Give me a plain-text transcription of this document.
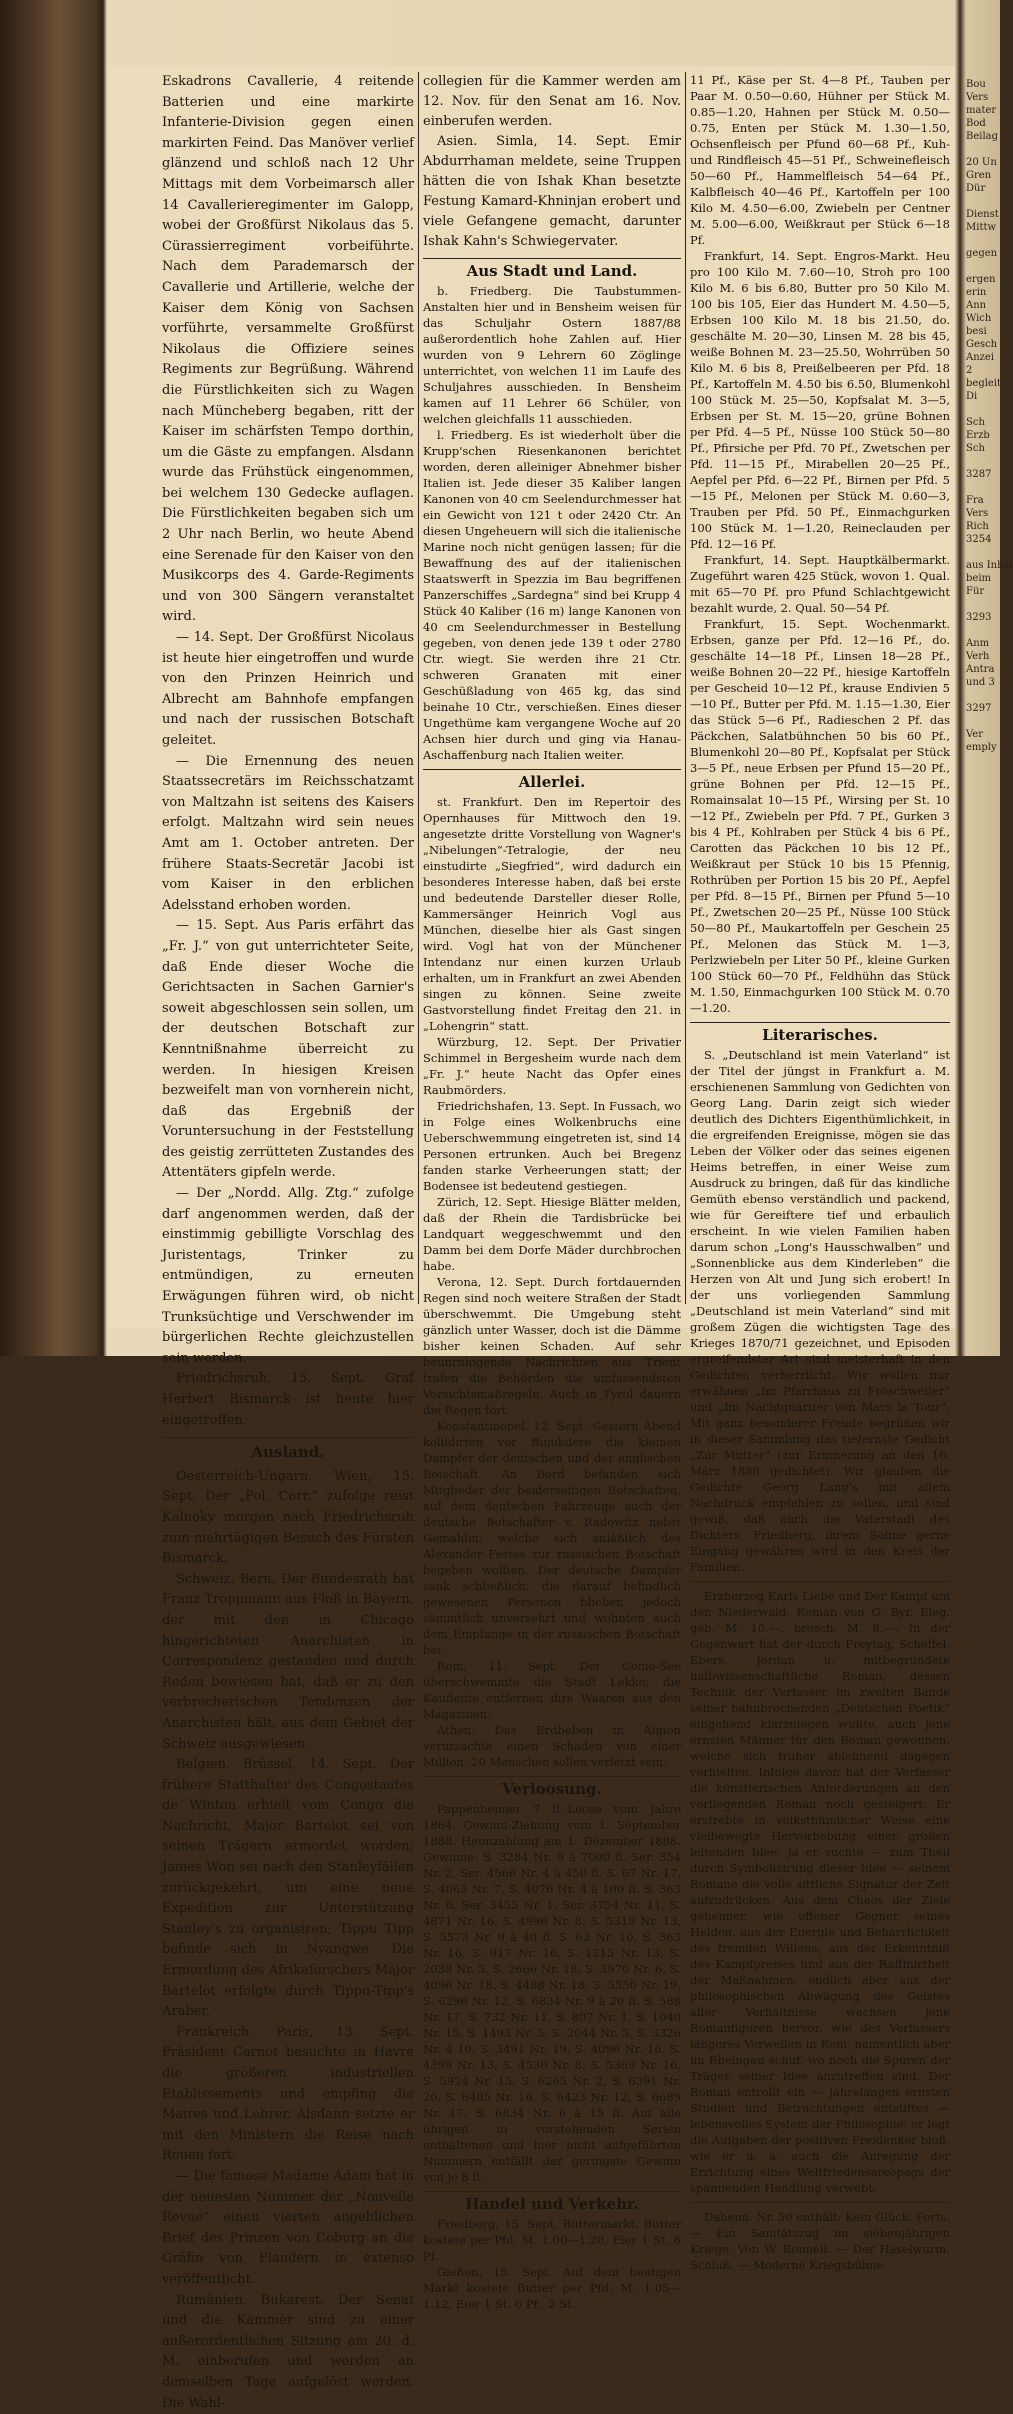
Eskadrons Cavallerie, 4 reitende Batterien und eine markirte Infanterie-Division gegen einen markirten Feind. Das Manöver verlief glänzend und schloß nach 12 Uhr Mittags mit dem Vorbeimarsch aller 14 Cavallerieregimenter im Galopp, wobei der Großfürst Nikolaus das 5. Cürassierregiment vorbeiführte. Nach dem Parademarsch der Cavallerie und Artillerie, welche der Kaiser dem König von Sachsen vorführte, versammelte Großfürst Nikolaus die Offiziere seines Regiments zur Begrüßung. Während die Fürstlichkeiten sich zu Wagen nach Müncheberg begaben, ritt der Kaiser im schärfsten Tempo dorthin, um die Gäste zu empfangen. Alsdann wurde das Frühstück eingenommen, bei welchem 130 Gedecke auflagen. Die Fürstlichkeiten begaben sich um 2 Uhr nach Berlin, wo heute Abend eine Serenade für den Kaiser von den Musikcorps des 4. Garde-Regiments und von 300 Sängern veranstaltet wird.

— 14. Sept. Der Großfürst Nicolaus ist heute hier eingetroffen und wurde von den Prinzen Heinrich und Albrecht am Bahnhofe empfangen und nach der russischen Botschaft geleitet.

— Die Ernennung des neuen Staatssecretärs im Reichsschatzamt von Maltzahn ist seitens des Kaisers erfolgt. Maltzahn wird sein neues Amt am 1. October antreten. Der frühere Staats-Secretär Jacobi ist vom Kaiser in den erblichen Adelsstand erhoben worden.

— 15. Sept. Aus Paris erfährt das „Fr. J.“ von gut unterrichteter Seite, daß Ende dieser Woche die Gerichtsacten in Sachen Garnier's soweit abgeschlossen sein sollen, um der deutschen Botschaft zur Kenntnißnahme überreicht zu werden. In hiesigen Kreisen bezweifelt man von vornherein nicht, daß das Ergebniß der Voruntersuchung in der Feststellung des geistig zerrütteten Zustandes des Attentäters gipfeln werde.

— Der „Nordd. Allg. Ztg.“ zufolge darf angenommen werden, daß der einstimmig gebilligte Vorschlag des Juristentags, Trinker zu entmündigen, zu erneuten Erwägungen führen wird, ob nicht Trunksüchtige und Verschwender im bürgerlichen Rechte gleichzustellen sein werden.

Friedrichsruh, 15. Sept. Graf Herbert Bismarck ist heute hier eingetroffen.

Ausland.

Oesterreich-Ungarn. Wien, 15. Sept. Der „Pol. Corr.“ zufolge reist Kalnoky morgen nach Friedrichsruh zum mehrtägigen Besuch des Fürsten Bismarck.

Schweiz. Bern. Der Bundesrath hat Franz Troppmann aus Floß in Bayern, der mit den in Chicago hingerichteten Anarchisten in Correspondenz gestanden und durch Reden bewiesen hat, daß er zu den verbrecherischen Tendenzen der Anarchisten hält, aus dem Gebiet der Schweiz ausgewiesen.

Belgien. Brüssel, 14. Sept. Der frühere Statthalter des Congostaates de Winton erhielt vom Congo die Nachricht, Major Bartelot sei von seinen Trägern ermordet worden; James Won sei nach den Stanleyfällen zurückgekehrt, um eine neue Expedition zur Unterstützung Stanley's zu organisiren; Tippu Tipp befinde sich in Nyangwe. Die Ermordung des Afrikaforschers Major Bartelot erfolgte durch Tippu-Tipp's Araber.

Frankreich. Paris, 13. Sept. Präsident Carnot besuchte in Havre die größeren industriellen Etablissements und empfing die Maires und Lehrer. Alsdann setzte er mit den Ministern die Reise nach Rouen fort.

— Die famose Madame Adam hat in der neuesten Nummer der „Nouvelle Revue“ einen vierten angeblichen Brief des Prinzen von Coburg an die Gräfin von Flandern in extenso veröffentlicht.

Rumänien. Bukarest. Der Senat und die Kammer sind zu einer außerordentlichen Sitzung am 20. d. M. einberufen und werden an demselben Tage aufgelöst werden. Die Wahl-

collegien für die Kammer werden am 12. Nov. für den Senat am 16. Nov. einberufen werden.

Asien. Simla, 14. Sept. Emir Abdurrhaman meldete, seine Truppen hätten die von Ishak Khan besetzte Festung Kamard-Khninjan erobert und viele Gefangene gemacht, darunter Ishak Kahn's Schwiegervater.

Aus Stadt und Land.

b. Friedberg. Die Taubstummen-Anstalten hier und in Bensheim weisen für das Schuljahr Ostern 1887/88 außerordentlich hohe Zahlen auf. Hier wurden von 9 Lehrern 60 Zöglinge unterrichtet, von welchen 11 im Laufe des Schuljahres ausschieden. In Bensheim kamen auf 11 Lehrer 66 Schüler, von welchen gleichfalls 11 ausschieden.

l. Friedberg. Es ist wiederholt über die Krupp'schen Riesenkanonen berichtet worden, deren alleiniger Abnehmer bisher Italien ist. Jede dieser 35 Kaliber langen Kanonen von 40 cm Seelendurchmesser hat ein Gewicht von 121 t oder 2420 Ctr. An diesen Ungeheuern will sich die italienische Marine noch nicht genügen lassen; für die Bewaffnung des auf der italienischen Staatswerft in Spezzia im Bau begriffenen Panzerschiffes „Sardegna“ sind bei Krupp 4 Stück 40 Kaliber (16 m) lange Kanonen von 40 cm Seelendurchmesser in Bestellung gegeben, von denen jede 139 t oder 2780 Ctr. wiegt. Sie werden ihre 21 Ctr. schweren Granaten mit einer Geschüßladung von 465 kg, das sind beinahe 10 Ctr., verschießen. Eines dieser Ungethüme kam vergangene Woche auf 20 Achsen hier durch und ging via Hanau-Aschaffenburg nach Italien weiter.

Allerlei.

st. Frankfurt. Den im Repertoir des Opernhauses für Mittwoch den 19. angesetzte dritte Vorstellung von Wagner's „Nibelungen“-Tetralogie, der neu einstudirte „Siegfried“, wird dadurch ein besonderes Interesse haben, daß bei erste und bedeutende Darsteller dieser Rolle, Kammersänger Heinrich Vogl aus München, dieselbe hier als Gast singen wird. Vogl hat von der Münchener Intendanz nur einen kurzen Urlaub erhalten, um in Frankfurt an zwei Abenden singen zu können. Seine zweite Gastvorstellung findet Freitag den 21. in „Lohengrin“ statt.

Würzburg, 12. Sept. Der Privatier Schimmel in Bergesheim wurde nach dem „Fr. J.“ heute Nacht das Opfer eines Raubmörders.

Friedrichshafen, 13. Sept. In Fussach, wo in Folge eines Wolkenbruchs eine Ueberschwemmung eingetreten ist, sind 14 Personen ertrunken. Auch bei Bregenz fanden starke Verheerungen statt; der Bodensee ist bedeutend gestiegen.

Zürich, 12. Sept. Hiesige Blätter melden, daß der Rhein die Tardisbrücke bei Landquart weggeschwemmt und den Damm bei dem Dorfe Mäder durchbrochen habe.

Verona, 12. Sept. Durch fortdauernden Regen sind noch weitere Straßen der Stadt überschwemmt. Die Umgebung steht gänzlich unter Wasser, doch ist die Dämme bisher keinen Schaden. Auf sehr beunruhigende Nachrichten aus Trient trafen die Behörden die umfassendsten Vorsichtsmaßregeln. Auch in Tyrol dauern die Regen fort.

Konstantinopel, 12. Sept. Gestern Abend kollidirten vor Bujukdere die kleinen Dampfer der deutschen und der englischen Botschaft. An Bord befanden sich Mitglieder der beiderseitigen Botschaften, auf dem deutschen Fahrzeuge auch der deutsche Botschafter v. Radowitz nebst Gemahlin, welche sich anläßlich des Alexander Festes zur russischen Botschaft begeben wollten. Der deutsche Dampfer sank schließlich, die darauf befindlich gewesenen Personen blieben jedoch sämmtlich unversehrt und wohnten auch dem Empfange in der russischen Botschaft bei.

Rom, 11. Sept. Der Como-See überschwemmte die Stadt Lekko; die Kaufleute entfernen ihre Waaren aus den Magazinen.

Athen. Das Erdbeben in Aigion verursachte einen Schaden von einer Million. 20 Menschen sollen verletzt sein.

Verloosung.

Pappenheimer 7 fl.-Loose vom Jahre 1864. Gewinn-Ziehung vom 1. September 1888. Heimzahlung am 1. Dezember 1888. Gewinne: S. 3284 Nr. 9 à 7000 fl. Ser. 354 Nr. 2, Ser. 4566 Nr. 4 à 450 fl. S. 67 Nr. 17, S. 4065 Nr. 7, S. 4076 Nr. 4 à 100 fl. S. 363 Nr. 6, Ser. 3455 Nr. 1, Ser. 3754 Nr. 11, S. 4871 Nr. 16, S. 4996 Nr. 8, S. 5319 Nr. 13, S. 5573 Nr. 9 à 40 fl. S. 62 Nr. 10, S. 363 Nr. 16, S. 917 Nr. 16, S. 1215 Nr. 13, S. 2038 Nr. 5, S. 2666 Nr. 18, S. 3970 Nr. 6, S. 4096 Nr. 18, S. 4488 Nr. 18, S. 5550 Nr. 19, S. 6296 Nr. 12, S. 6834 Nr. 9 à 20 fl. S. 588 Nr. 17, S. 732 Nr. 11, S. 807 Nr. 1, S. 1040 Nr. 15, S. 1493 Nr. 5, S. 2044 Nr. 5, S. 3326 Nr. 4 10, S. 3491 Nr. 19, S. 4096 Nr. 16, S. 4399 Nr. 13, S. 4530 Nr. 8, S. 5369 Nr. 16, S. 5924 Nr. 15, S. 6265 Nr. 2, S. 6391 Nr. 20, S. 6405 Nr. 16, S. 6423 Nr. 12, S. 6689 Nr. 17, S. 6834 Nr. 6 à 15 fl. Auf alle übrigen in vorstehenden Serien enthaltenen und hier nicht aufgeführten Nummern entfällt der geringste Gewinn von je 8 fl.

Handel und Verkehr.

Friedberg, 15. Sept. Buttermarkt. Butter kostete per Pfd. M. 1.00—1.20, Eier 1 St. 6 Pf.

Gießen, 15. Sept. Auf dem heutigen Markt kostete Butter per Pfd. M. 1.05—1.12, Eier 1 St. 6 Pf., 2 St.

11 Pf., Käse per St. 4—8 Pf., Tauben per Paar M. 0.50—0.60, Hühner per Stück M. 0.85—1.20, Hahnen per Stück M. 0.50—0.75, Enten per Stück M. 1.30—1.50, Ochsenfleisch per Pfund 60—68 Pf., Kuh- und Rindfleisch 45—51 Pf., Schweinefleisch 50—60 Pf., Hammelfleisch 54—64 Pf., Kalbfleisch 40—46 Pf., Kartoffeln per 100 Kilo M. 4.50—6.00, Zwiebeln per Centner M. 5.00—6.00, Weißkraut per Stück 6—18 Pf.

Frankfurt, 14. Sept. Engros-Markt. Heu pro 100 Kilo M. 7.60—10, Stroh pro 100 Kilo M. 6 bis 6.80, Butter pro 50 Kilo M. 100 bis 105, Eier das Hundert M. 4.50—5, Erbsen 100 Kilo M. 18 bis 21.50, do. geschälte M. 20—30, Linsen M. 28 bis 45, weiße Bohnen M. 23—25.50, Wohrrüben 50 Kilo M. 6 bis 8, Preißelbeeren per Pfd. 18 Pf., Kartoffeln M. 4.50 bis 6.50, Blumenkohl 100 Stück M. 25—50, Kopfsalat M. 3—5, Erbsen per St. M. 15—20, grüne Bohnen per Pfd. 4—5 Pf., Nüsse 100 Stück 50—80 Pf., Pfirsiche per Pfd. 70 Pf., Zwetschen per Pfd. 11—15 Pf., Mirabellen 20—25 Pf., Aepfel per Pfd. 6—22 Pf., Birnen per Pfd. 5—15 Pf., Melonen per Stück M. 0.60—3, Trauben per Pfd. 50 Pf., Einmachgurken 100 Stück M. 1—1.20, Reineclauden per Pfd. 12—16 Pf.

Frankfurt, 14. Sept. Hauptkälbermarkt. Zugeführt waren 425 Stück, wovon 1. Qual. mit 65—70 Pf. pro Pfund Schlachtgewicht bezahlt wurde, 2. Qual. 50—54 Pf.

Frankfurt, 15. Sept. Wochenmarkt. Erbsen, ganze per Pfd. 12—16 Pf., do. geschälte 14—18 Pf., Linsen 18—28 Pf., weiße Bohnen 20—22 Pf., hiesige Kartoffeln per Gescheid 10—12 Pf., krause Endivien 5—10 Pf., Butter per Pfd. M. 1.15—1.30, Eier das Stück 5—6 Pf., Radieschen 2 Pf. das Päckchen, Salatbühnchen 50 bis 60 Pf., Blumenkohl 20—80 Pf., Kopfsalat per Stück 3—5 Pf., neue Erbsen per Pfund 15—20 Pf., grüne Bohnen per Pfd. 12—15 Pf., Romainsalat 10—15 Pf., Wirsing per St. 10—12 Pf., Zwiebeln per Pfd. 7 Pf., Gurken 3 bis 4 Pf., Kohlraben per Stück 4 bis 6 Pf., Carotten das Päckchen 10 bis 12 Pf., Weißkraut per Stück 10 bis 15 Pfennig, Rothrüben per Portion 15 bis 20 Pf., Aepfel per Pfd. 8—15 Pf., Birnen per Pfund 5—10 Pf., Zwetschen 20—25 Pf., Nüsse 100 Stück 50—80 Pf., Maukartoffeln per Geschein 25 Pf., Melonen das Stück M. 1—3, Perlzwiebeln per Liter 50 Pf., kleine Gurken 100 Stück 60—70 Pf., Feldhühn das Stück M. 1.50, Einmachgurken 100 Stück M. 0.70—1.20.

Literarisches.

S. „Deutschland ist mein Vaterland“ ist der Titel der jüngst in Frankfurt a. M. erschienenen Sammlung von Gedichten von Georg Lang. Darin zeigt sich wieder deutlich des Dichters Eigenthümlichkeit, in die ergreifenden Ereignisse, mögen sie das Leben der Völker oder das seines eigenen Heims betreffen, in einer Weise zum Ausdruck zu bringen, daß für das kindliche Gemüth ebenso verständlich und packend, wie für Gereiftere tief und erbaulich erscheint. In wie vielen Familien haben darum schon „Long's Hausschwalben“ und „Sonnenblicke aus dem Kinderleben“ die Herzen von Alt und Jung sich erobert! In der uns vorliegenden Sammlung „Deutschland ist mein Vaterland“ sind mit großem Zügen die wichtigsten Tage des Krieges 1870/71 gezeichnet, und Episoden ergreifendster Art sind meisterhaft in den Gedichten verherrlicht. Wir wollen nur erwähnen „Im Pfarrhaus zu Fröschweiler“ und „Im Nachtquartier von Mars la Tour“. Mit ganz besonderer Freude begrüßen wir in dieser Sammlung das tiefernste Gedicht „Zur Mutter“ (zur Erinnerung an den 16. März 1888 gedichtet). Wir glauben die Gedichte Georg Lang's mit allem Nachdruck empfehlen zu sollen, und sind gewiß, daß auch die Vaterstadt des Dichters, Friedberg, ihrem Sohne gerne Eingang gewähren wird in den Kreis der Familien.

Erzherzog Karls Liebe und Der Kampf um den Niederwald. Roman von G. Byr. Eleg. geb. M. 10.—, brosch. M. 8.—. In der Gegenwart hat der durch Freytag, Scheffel, Ebers, Jordan u. mitbegründete halbwissenschaftliche Roman, dessen Technik der Verfasser im zweiten Bande seiner bahnbrechenden „Deutschen Poetik“ eingehend klarzulegen wußte, auch jene ernsten Männer für den Roman gewonnen, welche sich früher ablehnend dagegen verhielten. Infolge davon hat der Verfasser die künstlerischen Anforderungen an den vorliegenden Roman noch gesteigert. Er erstrebte in volksthümlicher Weise eine vielbewegte Hervorhebung einer großen leitenden Idee; ja er suchte — zum Theil durch Symbolisirung dieser Idee — seinem Romane die volle sittliche Signatur der Zeit aufzudrücken. Aus dem Chaos der Ziele geheimer, wie offener Gegner seines Helden, aus der Energie und Beharrlichkeit des fremden Willens, aus der Erkenntniß des Kampfpreises und aus der Raffinirtheit der Maßnahmen, endlich aber aus der philosophischen Abwägung des Geistes aller Verhältnisse wachsen jene Romanfiguren hervor, wie des Verfassers längeres Verweilen in Rom, namentlich aber im Rheingau schuf, wo noch die Spuren der Träger seiner Idee anzutreffen sind. Der Roman entrollt ein — jahrelangen ernsten Studien und Betrachtungen entstiftes — lebensvolles System der Philosophie; er legt die Aufgaben der positiven Freidenker bloß, wie er u. a. auch die Anregung der Errichtung eines Weltfriedensareopags der spannenden Handlung verwebt.

Daheim. Nr. 50 enthält: Kein Glück. Forts. — Ein Sanitätszug im siebenjährigen Kriege. Von W. Bonnell. — Der Haselwurm. Schluß. — Moderne Kriegsbühne.

Bou
Vers
mater
Bod
Beilag

20 Un
Gren
Dür

Dienst
Mittw

gegen

ergen
erin
Ann
Wich
besi
Gesch
Anzei
2
begleit
Di

Sch
Erzb
Sch

3287

Fra
Vers
Rich
3254

aus Inhal
beim
Für

3293

Anm
Verh
Antra
und 3

3297

Ver
emply
